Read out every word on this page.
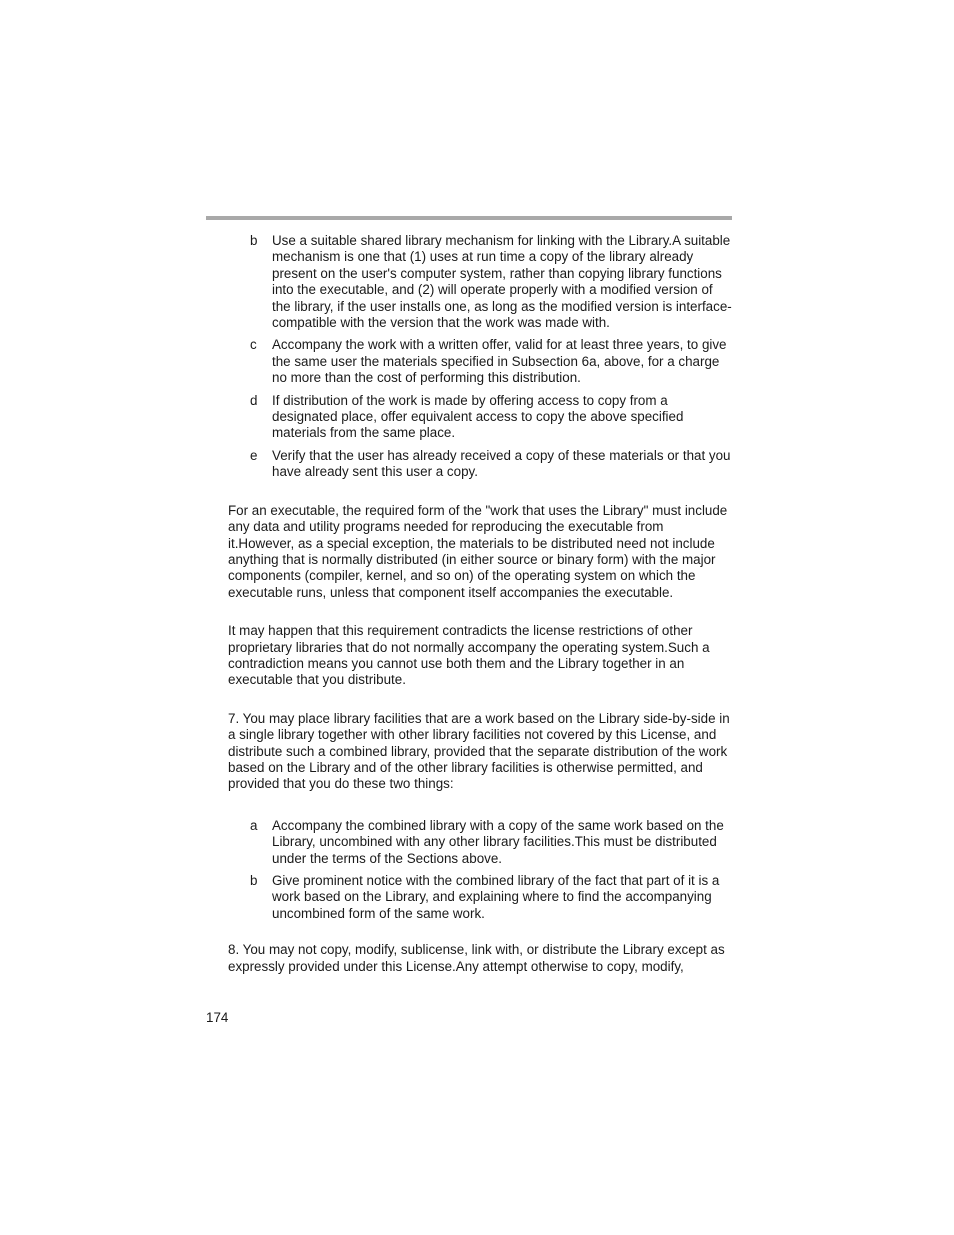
b	Use a suitable shared library mechanism for linking with the Library.A suitable mechanism is one that (1) uses at run time a copy of the library already present on the user's computer system, rather than copying library functions into the executable, and (2) will operate properly with a modified version of the library, if the user installs one, as long as the modified version is interface-compatible with the version that the work was made with.
c	Accompany the work with a written offer, valid for at least three years, to give the same user the materials specified in Subsection 6a, above, for a charge no more than the cost of performing this distribution.
d	If distribution of the work is made by offering access to copy from a designated place, offer equivalent access to copy the above specified materials from the same place.
e	Verify that the user has already received a copy of these materials or that you have already sent this user a copy.

For an executable, the required form of the "work that uses the Library" must include any data and utility programs needed for reproducing the executable from it.However, as a special exception, the materials to be distributed need not include anything that is normally distributed (in either source or binary form) with the major components (compiler, kernel, and so on) of the operating system on which the executable runs, unless that component itself accompanies the executable.

It may happen that this requirement contradicts the license restrictions of other proprietary libraries that do not normally accompany the operating system.Such a contradiction means you cannot use both them and the Library together in an executable that you distribute.

7. You may place library facilities that are a work based on the Library side-by-side in a single library together with other library facilities not covered by this License, and distribute such a combined library, provided that the separate distribution of the work based on the Library and of the other library facilities is otherwise permitted, and provided that you do these two things:

a	Accompany the combined library with a copy of the same work based on the Library, uncombined with any other library facilities.This must be distributed under the terms of the Sections above.
b	Give prominent notice with the combined library of the fact that part of it is a work based on the Library, and explaining where to find the accompanying uncombined form of the same work.

8. You may not copy, modify, sublicense, link with, or distribute the Library except as expressly provided under this License.Any attempt otherwise to copy, modify,

174
